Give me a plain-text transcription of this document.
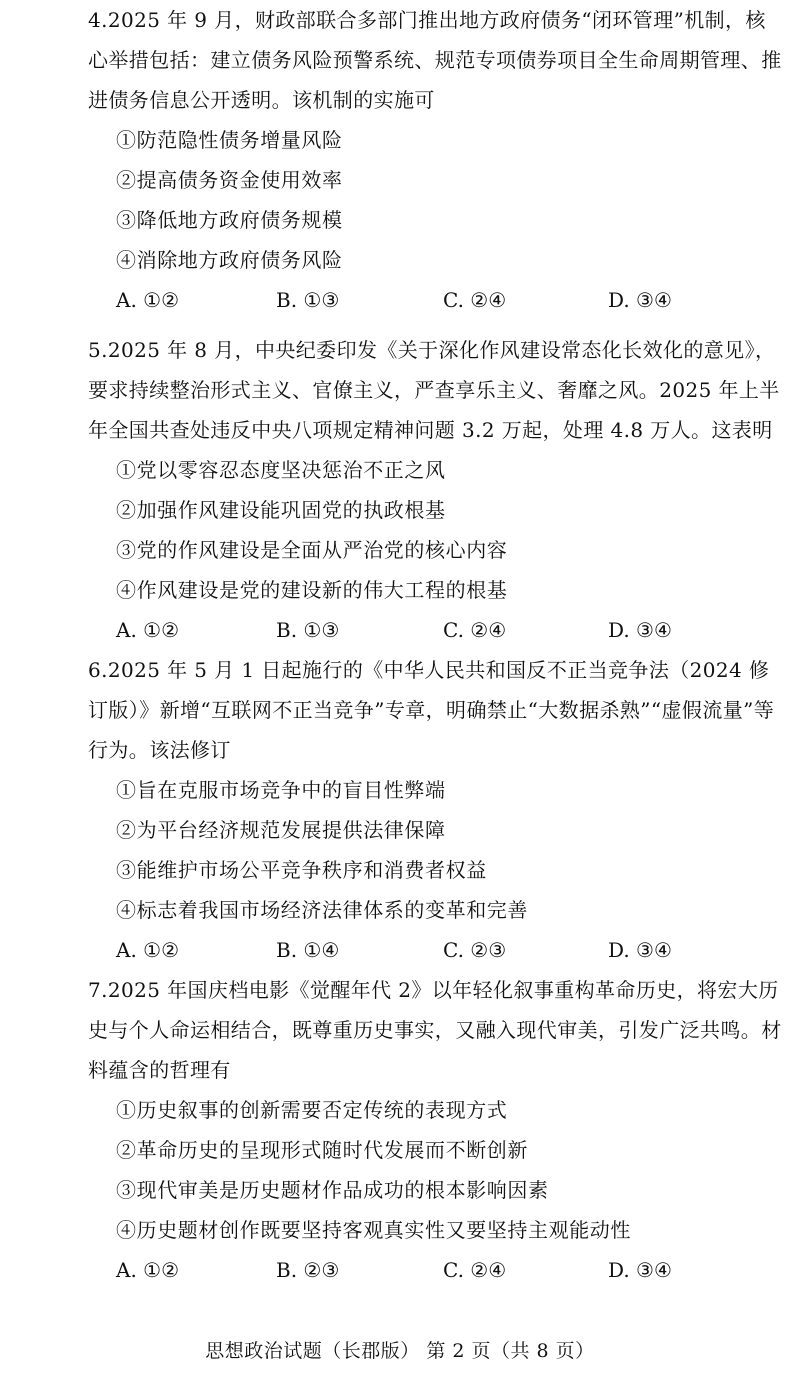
4.2025 年 9 月，财政部联合多部门推出地方政府债务“闭环管理”机制，核心举措包括：建立债务风险预警系统、规范专项债券项目全生命周期管理、推进债务信息公开透明。该机制的实施可
①防范隐性债务增量风险
②提高债务资金使用效率
③降低地方政府债务规模
④消除地方政府债务风险
A. ①②	B. ①③	C. ②④	D. ③④
5.2025 年 8 月，中央纪委印发《关于深化作风建设常态化长效化的意见》，要求持续整治形式主义、官僚主义，严查享乐主义、奢靡之风。2025 年上半年全国共查处违反中央八项规定精神问题 3.2 万起，处理 4.8 万人。这表明
①党以零容忍态度坚决惩治不正之风
②加强作风建设能巩固党的执政根基
③党的作风建设是全面从严治党的核心内容
④作风建设是党的建设新的伟大工程的根基
A. ①②	B. ①③	C. ②④	D. ③④
6.2025 年 5 月 1 日起施行的《中华人民共和国反不正当竞争法（2024 修订版）》新增“互联网不正当竞争”专章，明确禁止“大数据杀熟”“虚假流量”等行为。该法修订
①旨在克服市场竞争中的盲目性弊端
②为平台经济规范发展提供法律保障
③能维护市场公平竞争秩序和消费者权益
④标志着我国市场经济法律体系的变革和完善
A. ①②	B. ①④	C. ②③	D. ③④
7.2025 年国庆档电影《觉醒年代 2》以年轻化叙事重构革命历史，将宏大历史与个人命运相结合，既尊重历史事实，又融入现代审美，引发广泛共鸣。材料蕴含的哲理有
①历史叙事的创新需要否定传统的表现方式
②革命历史的呈现形式随时代发展而不断创新
③现代审美是历史题材作品成功的根本影响因素
④历史题材创作既要坚持客观真实性又要坚持主观能动性
A. ①②	B. ②③	C. ②④	D. ③④
思想政治试题（长郡版） 第 2 页（共 8 页）
